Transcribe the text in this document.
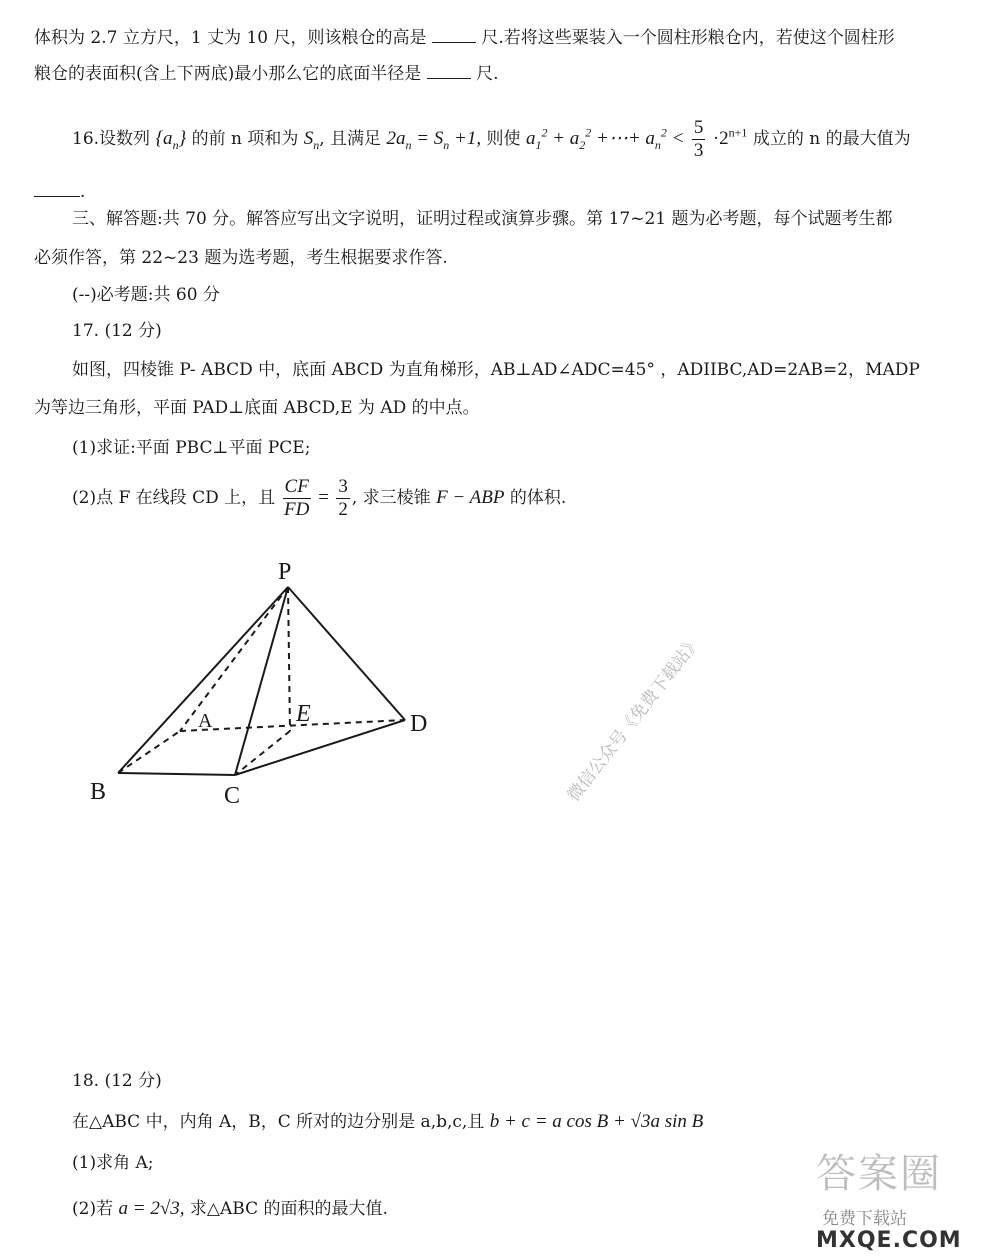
体积为 2.7 立方尺，1 丈为 10 尺，则该粮仓的高是	尺.若将这些粟装入一个圆柱形粮仓内，若使这个圆柱形
粮仓的表面积(含上下两底)最小那么它的底面半径是	尺.
16.设数列 $\{a_n\}$ 的前 n 项和为 $S_n$, 且满足 $2a_n = S_n +1$, 则使 $a_1^2 + a_2^2$ +⋯+ $a_n^2 < \frac{5}{3} \cdot 2^{n+1}$ 成立的 n 的最大值为
.
三、解答题:共 70 分。解答应写出文字说明，证明过程或演算步骤。第 17~21 题为必考题，每个试题考生都
必须作答，第 22~23 题为选考题，考生根据要求作答.
(--)必考题:共 60 分
17. (12 分)
如图，四棱锥 P- ABCD 中，底面 ABCD 为直角梯形，AB⊥AD∠ADC=45° ，ADIIBC,AD=2AB=2，MADP
为等边三角形，平面 PAD⊥底面 ABCD,E 为 AD 的中点。
(1)求证:平面 PBC⊥平面 PCE;
(2)点 F 在线段 CD 上，且 $\frac{CF}{FD} = \frac{3}{2}$ , 求三棱锥 F − ABP 的体积.
P
A	E	D
B	C	微信公众号《免费下载站》
18. (12 分)
在△ABC 中，内角 A，B，C 所对的边分别是 a,b,c,且 b + c = a cos B + √3a sin B
(1)求角 A;
(2)若 a = 2√3, 求△ABC 的面积的最大值.
答案圈
免费下载站
MXQE.COM
